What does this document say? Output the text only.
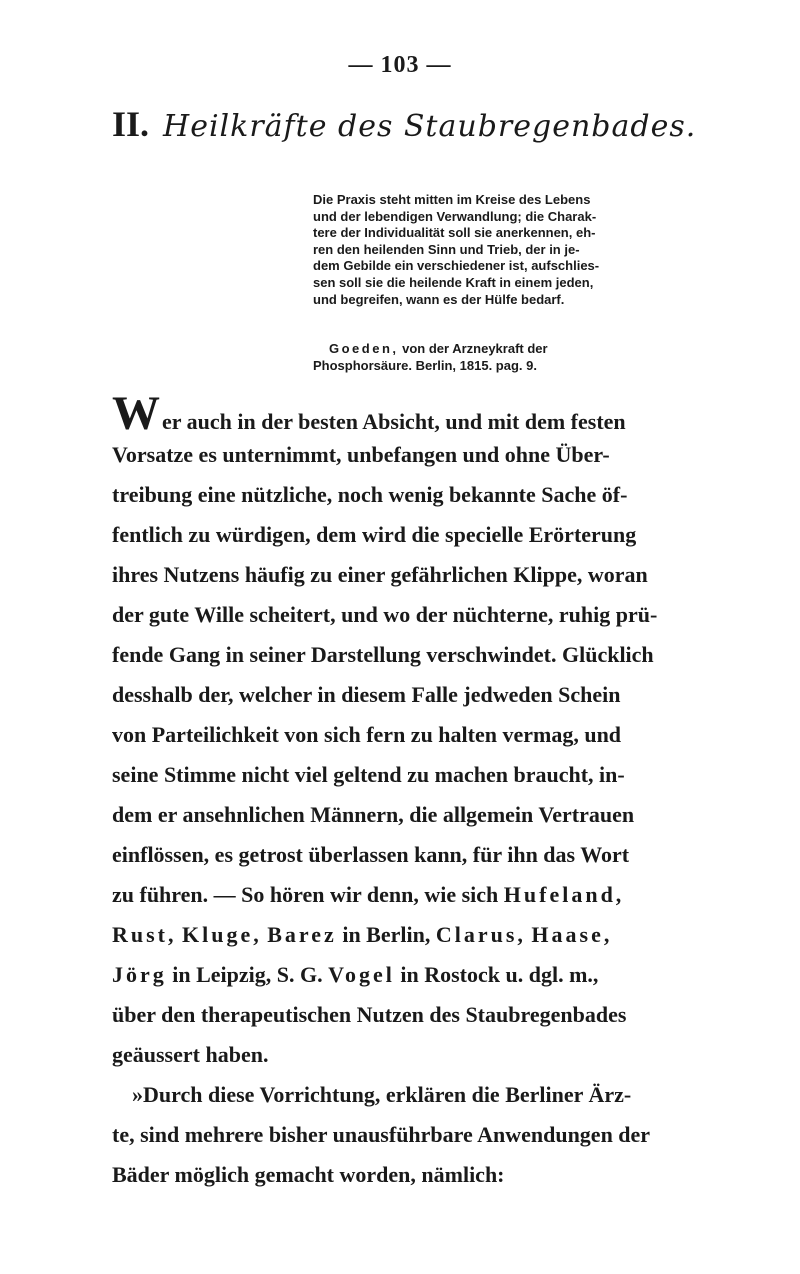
— 103 —
II. Heilkräfte des Staubregenbades.
Die Praxis steht mitten im Kreise des Lebens
und der lebendigen Verwandlung; die Charak-
tere der Individualität soll sie anerkennen, eh-
ren den heilenden Sinn und Trieb, der in je-
dem Gebilde ein verschiedener ist, aufschlies-
sen soll sie die heilende Kraft in einem jeden,
und begreifen, wann es der Hülfe bedarf.
Goeden, von der Arzneykraft der
Phosphorsäure. Berlin, 1815. pag. 9.
Wer auch in der besten Absicht, und mit dem festen
Vorsatze es unternimmt, unbefangen und ohne Über-
treibung eine nützliche, noch wenig bekannte Sache öf-
fentlich zu würdigen, dem wird die specielle Erörterung
ihres Nutzens häufig zu einer gefährlichen Klippe, woran
der gute Wille scheitert, und wo der nüchterne, ruhig prü-
fende Gang in seiner Darstellung verschwindet. Glücklich
desshalb der, welcher in diesem Falle jedweden Schein
von Parteilichkeit von sich fern zu halten vermag, und
seine Stimme nicht viel geltend zu machen braucht, in-
dem er ansehnlichen Männern, die allgemein Vertrauen
einflössen, es getrost überlassen kann, für ihn das Wort
zu führen. — So hören wir denn, wie sich Hufeland,
Rust, Kluge, Barez in Berlin, Clarus, Haase,
Jörg in Leipzig, S. G. Vogel in Rostock u. dgl. m.,
über den therapeutischen Nutzen des Staubregenbades
geäussert haben.
»Durch diese Vorrichtung, erklären die Berliner Ärz-
te, sind mehrere bisher unausführbare Anwendungen der
Bäder möglich gemacht worden, nämlich:
